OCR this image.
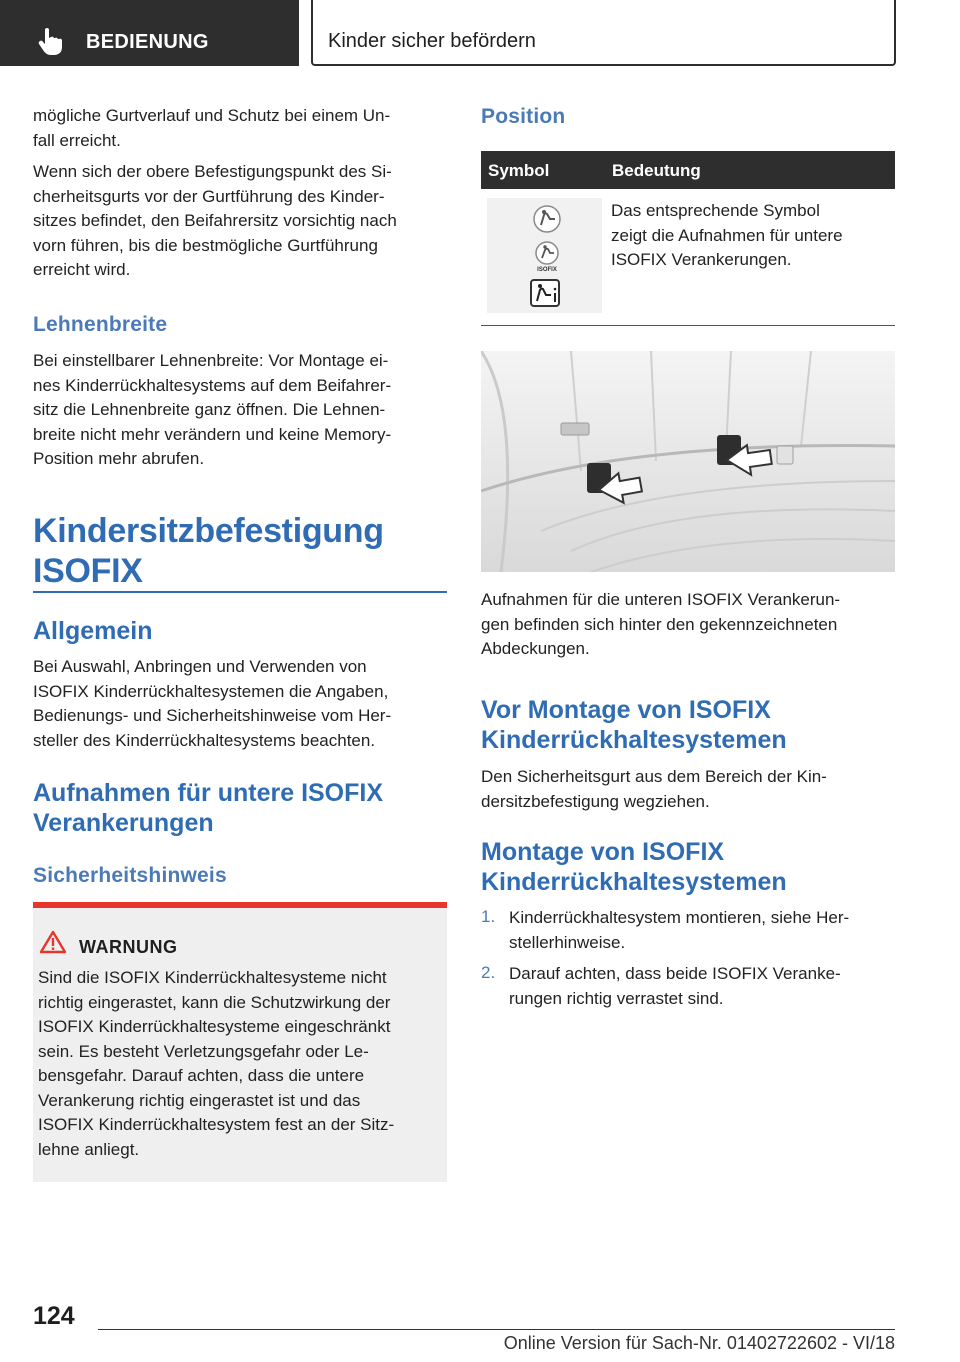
BEDIENUNG	Kinder sicher befördern
mögliche Gurtverlauf und Schutz bei einem Un-
fall erreicht.
Wenn sich der obere Befestigungspunkt des Si-
cherheitsgurts vor der Gurtführung des Kinder-
sitzes befindet, den Beifahrersitz vorsichtig nach
vorn führen, bis die bestmögliche Gurtführung
erreicht wird.
Lehnenbreite
Bei einstellbarer Lehnenbreite: Vor Montage ei-
nes Kinderrückhaltesystems auf dem Beifahrer-
sitz die Lehnenbreite ganz öffnen. Die Lehnen-
breite nicht mehr verändern und keine Memory-
Position mehr abrufen.
Kindersitzbefestigung
ISOFIX
Allgemein
Bei Auswahl, Anbringen und Verwenden von
ISOFIX Kinderrückhaltesystemen die Angaben,
Bedienungs- und Sicherheitshinweise vom Her-
steller des Kinderrückhaltesystems beachten.
Aufnahmen für untere ISOFIX
Verankerungen
Sicherheitshinweis
WARNUNG
Sind die ISOFIX Kinderrückhaltesysteme nicht
richtig eingerastet, kann die Schutzwirkung der
ISOFIX Kinderrückhaltesysteme eingeschränkt
sein. Es besteht Verletzungsgefahr oder Le-
bensgefahr. Darauf achten, dass die untere
Verankerung richtig eingerastet ist und das
ISOFIX Kinderrückhaltesystem fest an der Sitz-
lehne anliegt.
Position
Symbol	Bedeutung
ISOFIX
Das entsprechende Symbol
zeigt die Aufnahmen für untere
ISOFIX Verankerungen.
Aufnahmen für die unteren ISOFIX Verankerun-
gen befinden sich hinter den gekennzeichneten
Abdeckungen.
Vor Montage von ISOFIX
Kinderrückhaltesystemen
Den Sicherheitsgurt aus dem Bereich der Kin-
dersitzbefestigung wegziehen.
Montage von ISOFIX
Kinderrückhaltesystemen
1. Kinderrückhaltesystem montieren, siehe Her-
stellerhinweise.
2. Darauf achten, dass beide ISOFIX Veranke-
rungen richtig verrastet sind.
124
Online Version für Sach-Nr. 01402722602 - VI/18
